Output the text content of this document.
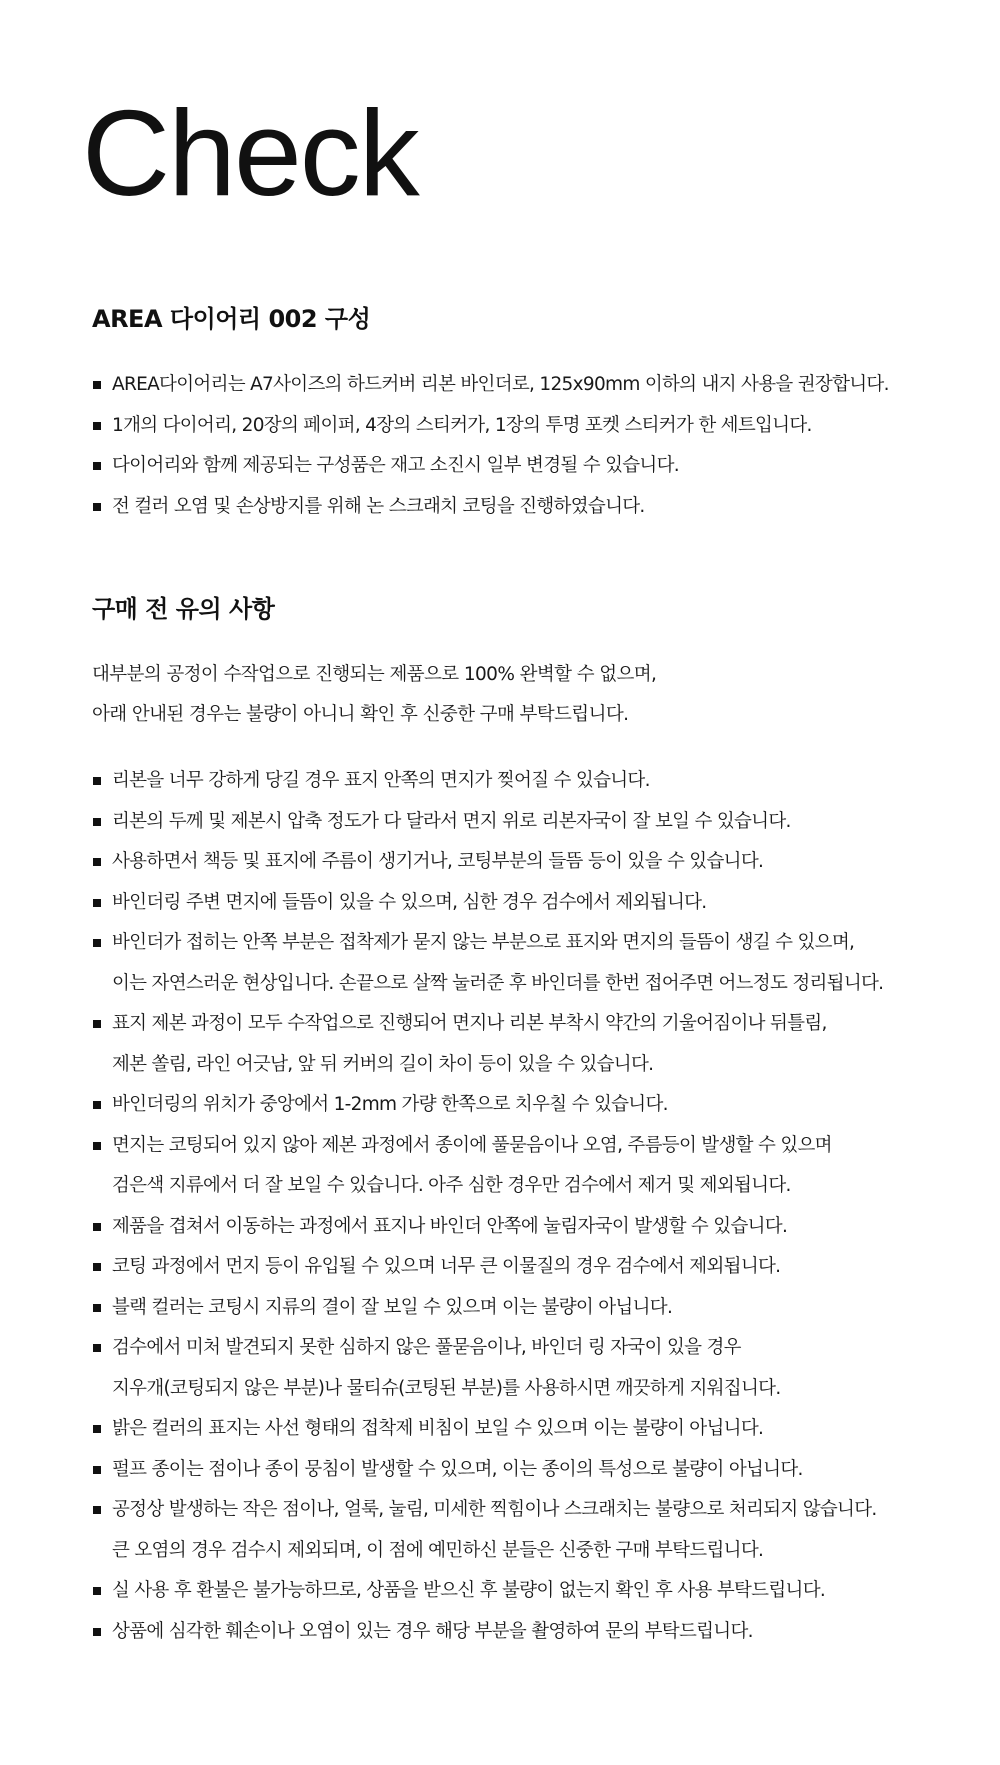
Check
AREA 다이어리 002 구성
AREA다이어리는 A7사이즈의 하드커버 리본 바인더로, 125x90mm 이하의 내지 사용을 권장합니다.
1개의 다이어리, 20장의 페이퍼, 4장의 스티커가, 1장의 투명 포켓 스티커가 한 세트입니다.
다이어리와 함께 제공되는 구성품은 재고 소진시 일부 변경될 수 있습니다.
전 컬러 오염 및 손상방지를 위해 논 스크래치 코팅을 진행하였습니다.
구매 전 유의 사항

대부분의 공정이 수작업으로 진행되는 제품으로 100% 완벽할 수 없으며,
아래 안내된 경우는 불량이 아니니 확인 후 신중한 구매 부탁드립니다.

리본을 너무 강하게 당길 경우 표지 안쪽의 면지가 찢어질 수 있습니다.
리본의 두께 및 제본시 압축 정도가 다 달라서 면지 위로 리본자국이 잘 보일 수 있습니다.
사용하면서 책등 및 표지에 주름이 생기거나, 코팅부분의 들뜸 등이 있을 수 있습니다.
바인더링 주변 면지에 들뜸이 있을 수 있으며, 심한 경우 검수에서 제외됩니다.
바인더가 접히는 안쪽 부분은 접착제가 묻지 않는 부분으로 표지와 면지의 들뜸이 생길 수 있으며,
이는 자연스러운 현상입니다. 손끝으로 살짝 눌러준 후 바인더를 한번 접어주면 어느정도 정리됩니다.
표지 제본 과정이 모두 수작업으로 진행되어 면지나 리본 부착시 약간의 기울어짐이나 뒤틀림,
제본 쏠림, 라인 어긋남, 앞 뒤 커버의 길이 차이 등이 있을 수 있습니다.
바인더링의 위치가 중앙에서 1-2mm 가량 한쪽으로 치우칠 수 있습니다.
면지는 코팅되어 있지 않아 제본 과정에서 종이에 풀묻음이나 오염, 주름등이 발생할 수 있으며
검은색 지류에서 더 잘 보일 수 있습니다. 아주 심한 경우만 검수에서 제거 및 제외됩니다.
제품을 겹쳐서 이동하는 과정에서 표지나 바인더 안쪽에 눌림자국이 발생할 수 있습니다.
코팅 과정에서 먼지 등이 유입될 수 있으며 너무 큰 이물질의 경우 검수에서 제외됩니다.
블랙 컬러는 코팅시 지류의 결이 잘 보일 수 있으며 이는 불량이 아닙니다.
검수에서 미처 발견되지 못한 심하지 않은 풀묻음이나, 바인더 링 자국이 있을 경우
지우개(코팅되지 않은 부분)나 물티슈(코팅된 부분)를 사용하시면 깨끗하게 지워집니다.
밝은 컬러의 표지는 사선 형태의 접착제 비침이 보일 수 있으며 이는 불량이 아닙니다.
펄프 종이는 점이나 종이 뭉침이 발생할 수 있으며, 이는 종이의 특성으로 불량이 아닙니다.
공정상 발생하는 작은 점이나, 얼룩, 눌림, 미세한 찍힘이나 스크래치는 불량으로 처리되지 않습니다.
큰 오염의 경우 검수시 제외되며, 이 점에 예민하신 분들은 신중한 구매 부탁드립니다.
실 사용 후 환불은 불가능하므로, 상품을 받으신 후 불량이 없는지 확인 후 사용 부탁드립니다.
상품에 심각한 훼손이나 오염이 있는 경우 해당 부분을 촬영하여 문의 부탁드립니다.
